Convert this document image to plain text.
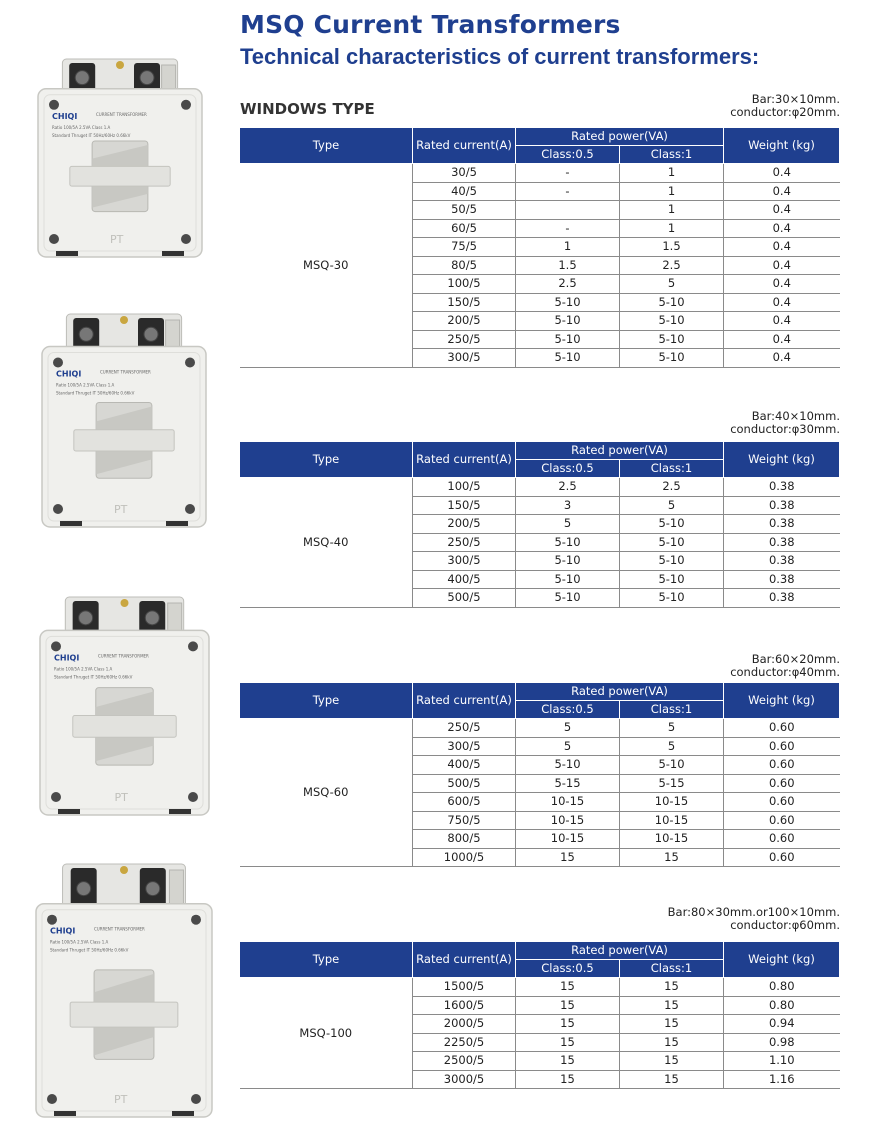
MSQ Current Transformers
Technical characteristics of current transformers:
WINDOWS TYPE
CHIQI	CURRENT TRANSFORMER
Ratio 100/5A 2.5VA Class 1.A
Standard Thruget IT 50Hz/60Hz 0.66kV
PT
CHIQI	CURRENT TRANSFORMER
Ratio 100/5A 2.5VA Class 1.A
Standard Thruget IT 50Hz/60Hz 0.66kV
PT
CHIQI	CURRENT TRANSFORMER
Ratio 100/5A 2.5VA Class 1.A
Standard Thruget IT 50Hz/60Hz 0.66kV
PT
CHIQI	CURRENT TRANSFORMER
Ratio 100/5A 2.5VA Class 1.A
Standard Thruget IT 50Hz/60Hz 0.66kV
PT
Bar:30×10mm.
conductor:φ20mm.
Bar:40×10mm.
conductor:φ30mm.
Bar:60×20mm.
conductor:φ40mm.
Bar:80×30mm.or100×10mm.
conductor:φ60mm.
Type	Rated current(A)	Rated power(VA)		Weight (kg)
		Class:0.5	Class:1	
MSQ-30	30/5	-	1	0.4
	40/5	-	1	0.4
	50/5		1	0.4
	60/5	-	1	0.4
	75/5	1	1.5	0.4
	80/5	1.5	2.5	0.4
	100/5	2.5	5	0.4
	150/5	5-10	5-10	0.4
	200/5	5-10	5-10	0.4
	250/5	5-10	5-10	0.4
	300/5	5-10	5-10	0.4
Type	Rated current(A)	Rated power(VA)		Weight (kg)
		Class:0.5	Class:1	
MSQ-40	100/5	2.5	2.5	0.38
	150/5	3	5	0.38
	200/5	5	5-10	0.38
	250/5	5-10	5-10	0.38
	300/5	5-10	5-10	0.38
	400/5	5-10	5-10	0.38
	500/5	5-10	5-10	0.38
Type	Rated current(A)	Rated power(VA)		Weight (kg)
		Class:0.5	Class:1	
MSQ-60	250/5	5	5	0.60
	300/5	5	5	0.60
	400/5	5-10	5-10	0.60
	500/5	5-15	5-15	0.60
	600/5	10-15	10-15	0.60
	750/5	10-15	10-15	0.60
	800/5	10-15	10-15	0.60
	1000/5	15	15	0.60
Type	Rated current(A)	Rated power(VA)		Weight (kg)
		Class:0.5	Class:1	
MSQ-100	1500/5	15	15	0.80
	1600/5	15	15	0.80
	2000/5	15	15	0.94
	2250/5	15	15	0.98
	2500/5	15	15	1.10
	3000/5	15	15	1.16
